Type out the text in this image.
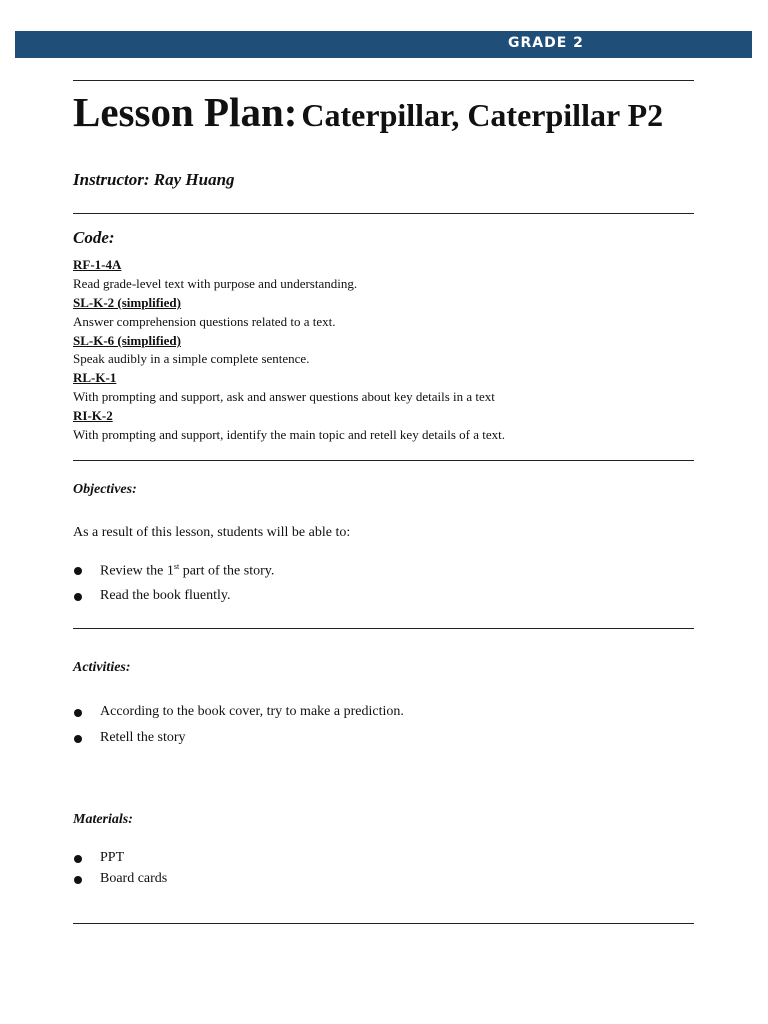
GRADE 2
Lesson Plan: Caterpillar, Caterpillar P2
Instructor: Ray Huang
Code:
RF-1-4A
Read grade-level text with purpose and understanding.
SL-K-2 (simplified)
Answer comprehension questions related to a text.
SL-K-6 (simplified)
Speak audibly in a simple complete sentence.
RL-K-1
With prompting and support, ask and answer questions about key details in a text
RI-K-2
With prompting and support, identify the main topic and retell key details of a text.
Objectives:
As a result of this lesson, students will be able to:
Review the 1st part of the story.
Read the book fluently.
Activities:
According to the book cover, try to make a prediction.
Retell the story
Materials:
PPT
Board cards
